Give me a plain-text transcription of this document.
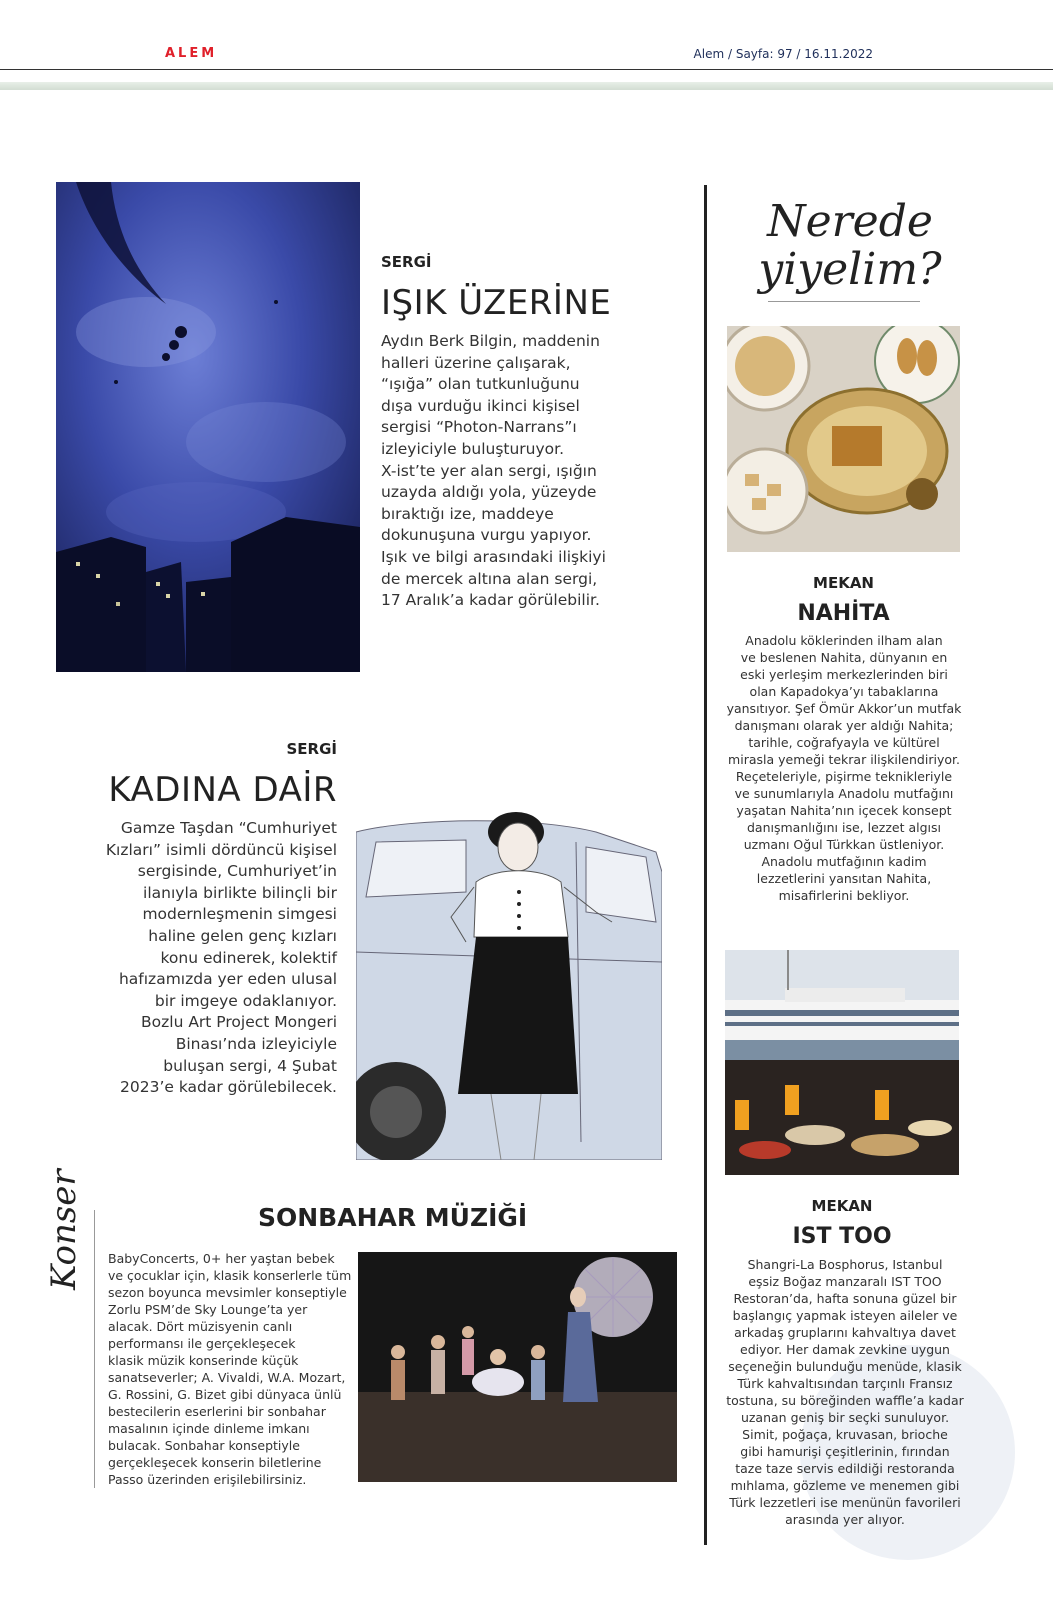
ALEM	Alem / Sayfa: 97 / 16.11.2022
SERGİ
IŞIK ÜZERİNE
Aydın Berk Bilgin, maddenin
halleri üzerine çalışarak,
“ışığa” olan tutkunluğunu
dışa vurduğu ikinci kişisel
sergisi “Photon-Narrans”ı
izleyiciyle buluşturuyor.
X-ist’te yer alan sergi, ışığın
uzayda aldığı yola, yüzeyde
bıraktığı ize, maddeye
dokunuşuna vurgu yapıyor.
Işık ve bilgi arasındaki ilişkiyi
de mercek altına alan sergi,
17 Aralık’a kadar görülebilir.
SERGİ
KADINA DAİR
Gamze Taşdan “Cumhuriyet
Kızları” isimli dördüncü kişisel
sergisinde, Cumhuriyet’in
ilanıyla birlikte bilinçli bir
modernleşmenin simgesi
haline gelen genç kızları
konu edinerek, kolektif
hafızamızda yer eden ulusal
bir imgeye odaklanıyor.
Bozlu Art Project Mongeri
Binası’nda izleyiciyle
buluşan sergi, 4 Şubat
2023’e kadar görülebilecek.
Nerede
yiyelim?
MEKAN
NAHİTA
Anadolu köklerinden ilham alan
ve beslenen Nahita, dünyanın en
eski yerleşim merkezlerinden biri
olan Kapadokya’yı tabaklarına
yansıtıyor. Şef Ömür Akkor’un mutfak
danışmanı olarak yer aldığı Nahita;
tarihle, coğrafyayla ve kültürel
mirasla yemeği tekrar ilişkilendiriyor.
Reçeteleriyle, pişirme teknikleriyle
ve sunumlarıyla Anadolu mutfağını
yaşatan Nahita’nın içecek konsept
danışmanlığını ise, lezzet algısı
uzmanı Oğul Türkkan üstleniyor.
Anadolu mutfağının kadim
lezzetlerini yansıtan Nahita,
misafirlerini bekliyor.
MEKAN
IST TOO
Shangri-La Bosphorus, Istanbul
eşsiz Boğaz manzaralı IST TOO
Restoran’da, hafta sonuna güzel bir
başlangıç yapmak isteyen aileler ve
arkadaş gruplarını kahvaltıya davet
ediyor. Her damak zevkine uygun
seçeneğin bulunduğu menüde, klasik
Türk kahvaltısından tarçınlı Fransız
tostuna, su böreğinden waffle’a kadar
uzanan geniş bir seçki sunuluyor.
Simit, poğaça, kruvasan, brioche
gibi hamurişi çeşitlerinin, fırından
taze taze servis edildiği restoranda
mıhlama, gözleme ve menemen gibi
Türk lezzetleri ise menünün favorileri
arasında yer alıyor.
Konser	SONBAHAR MÜZİĞİ
BabyConcerts, 0+ her yaştan bebek
ve çocuklar için, klasik konserlerle tüm
sezon boyunca mevsimler konseptiyle
Zorlu PSM’de Sky Lounge’ta yer
alacak. Dört müzisyenin canlı
performansı ile gerçekleşecek
klasik müzik konserinde küçük
sanatseverler; A. Vivaldi, W.A. Mozart,
G. Rossini, G. Bizet gibi dünyaca ünlü
bestecilerin eserlerini bir sonbahar
masalının içinde dinleme imkanı
bulacak. Sonbahar konseptiyle
gerçekleşecek konserin biletlerine
Passo üzerinden erişilebilirsiniz.
